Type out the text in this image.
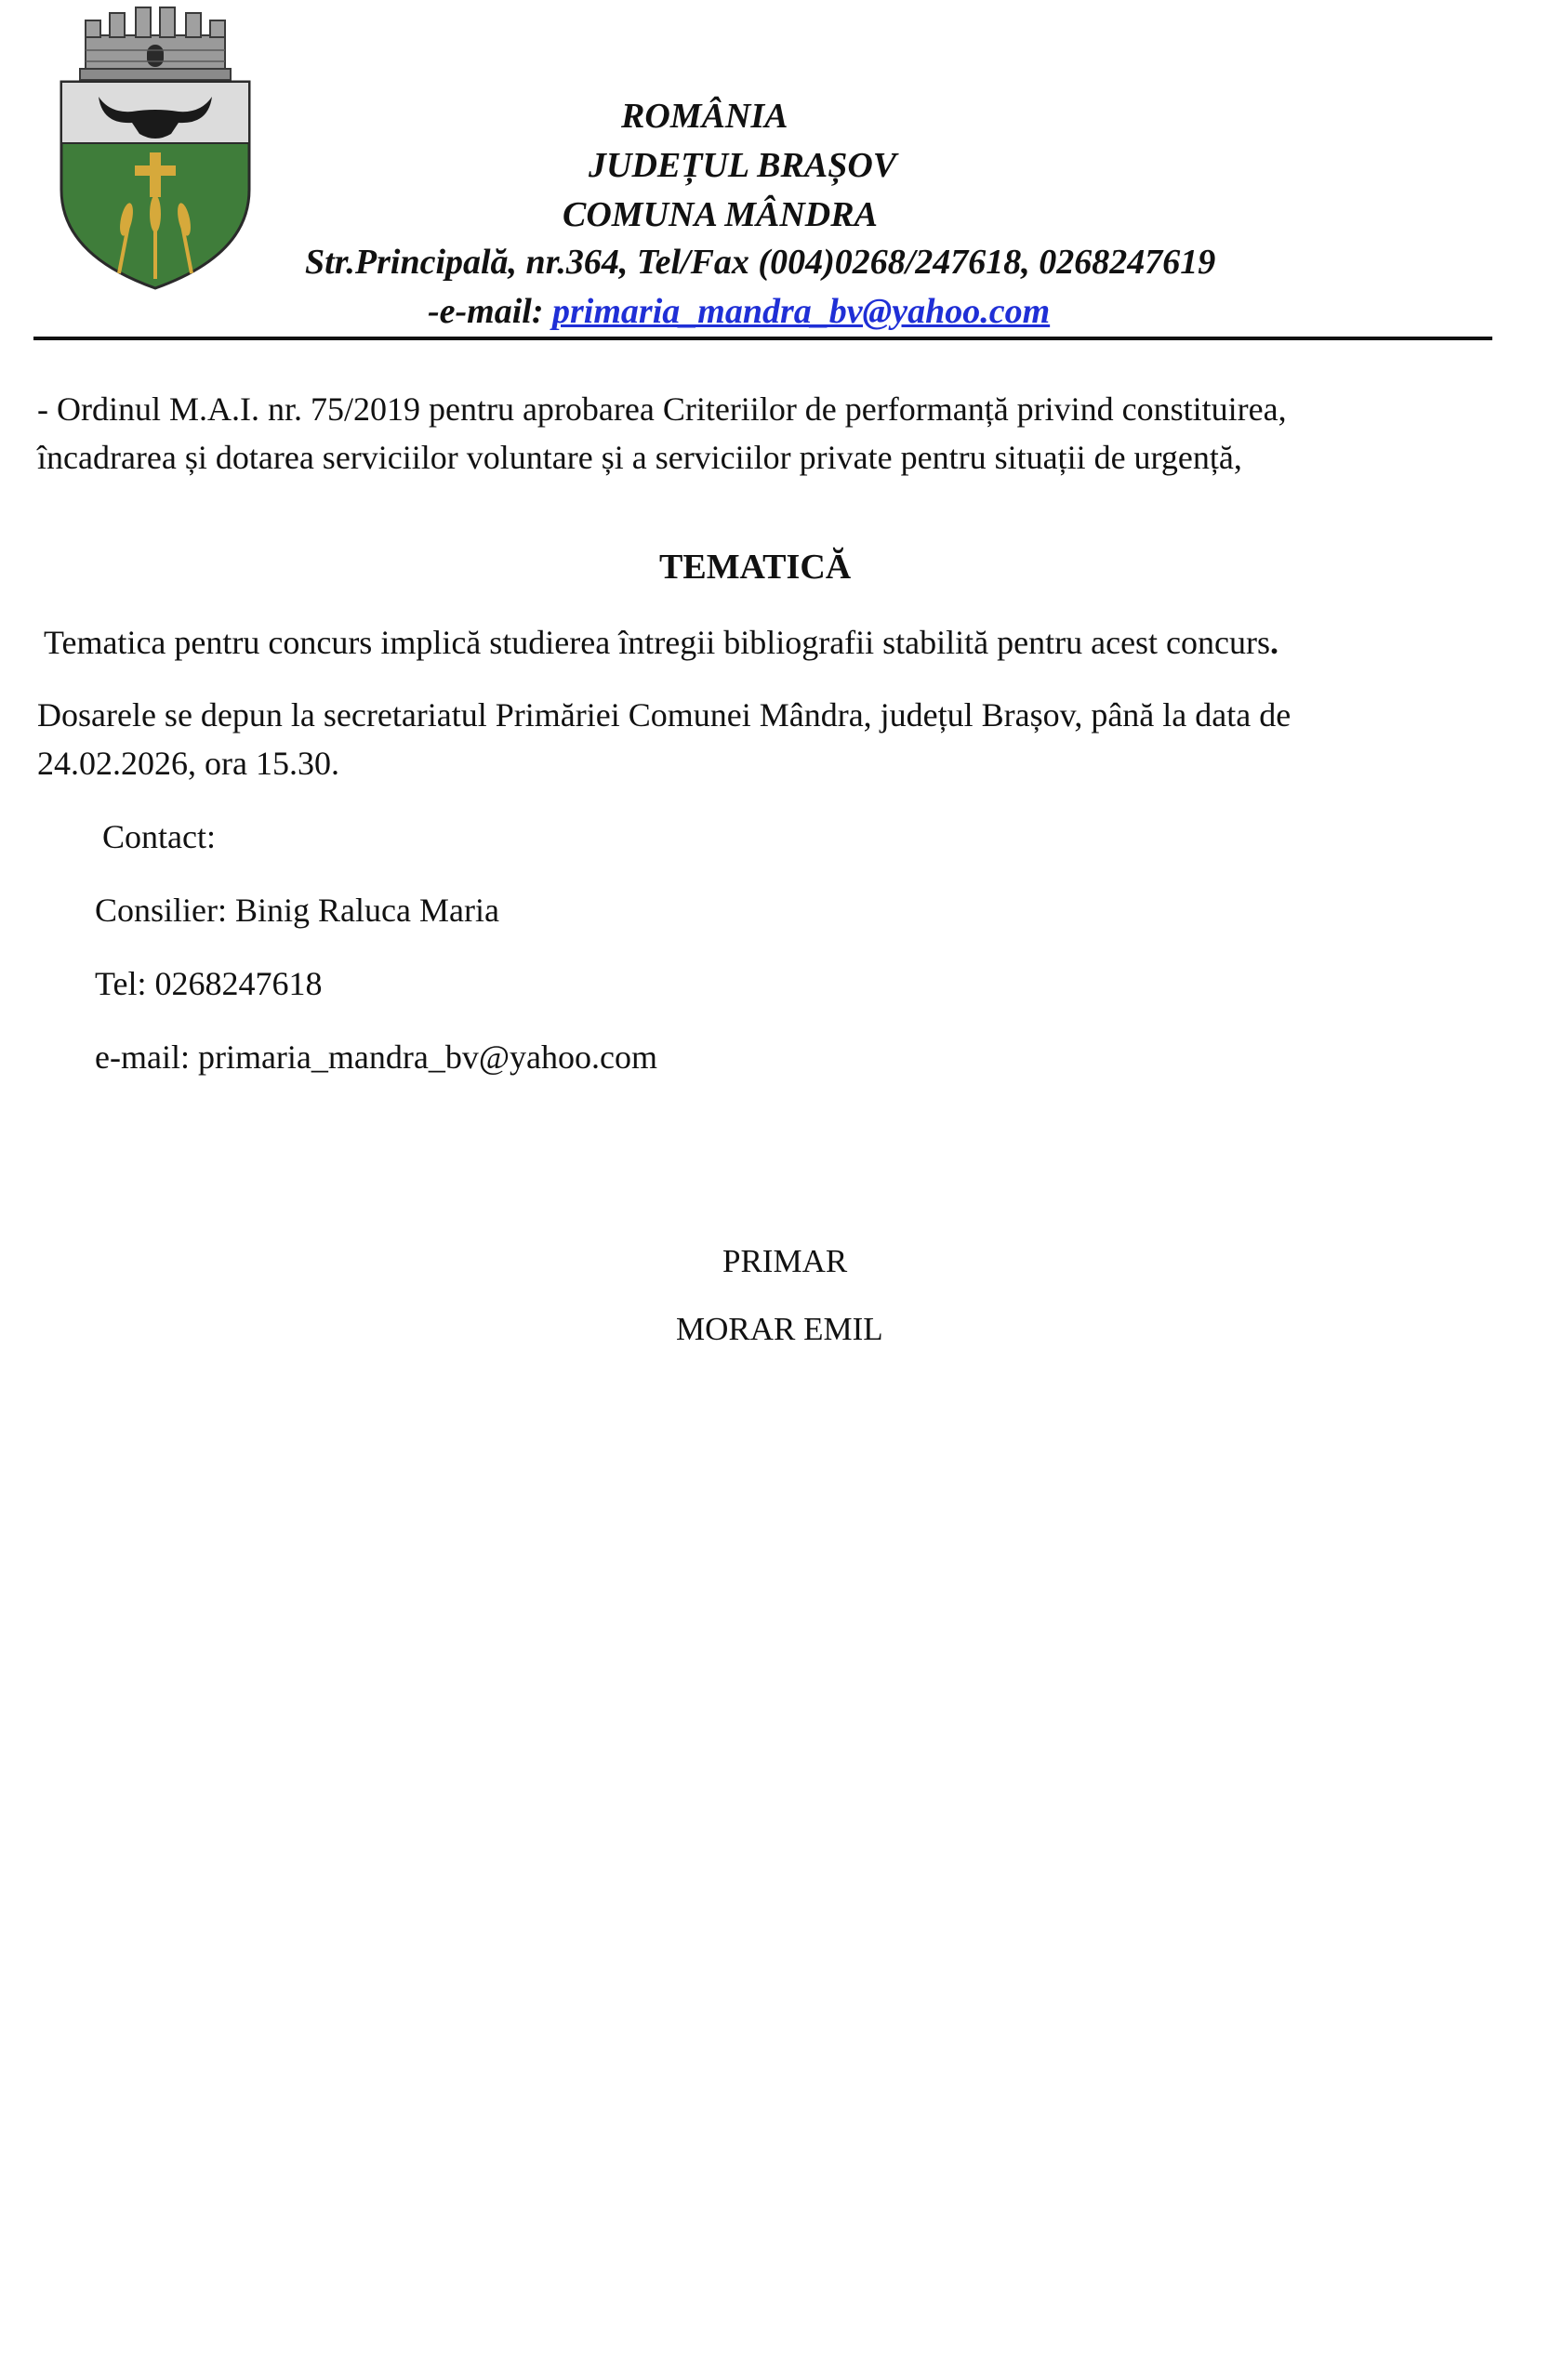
ROMÂNIA
JUDEȚUL BRAȘOV
COMUNA MÂNDRA
Str.Principală, nr.364, Tel/Fax (004)0268/247618, 0268247619
-e-mail: primaria_mandra_bv@yahoo.com
- Ordinul M.A.I. nr. 75/2019 pentru aprobarea Criteriilor de performanță privind constituirea,
încadrarea și dotarea serviciilor voluntare și a serviciilor private pentru situații de urgență,
TEMATICĂ
Tematica pentru concurs implică studierea întregii bibliografii stabilită pentru acest concurs.
Dosarele se depun la secretariatul Primăriei Comunei Mândra, județul Brașov, până la data de
24.02.2026, ora 15.30.
Contact:
Consilier: Binig Raluca Maria
Tel: 0268247618
e-mail: primaria_mandra_bv@yahoo.com
PRIMAR
MORAR EMIL
